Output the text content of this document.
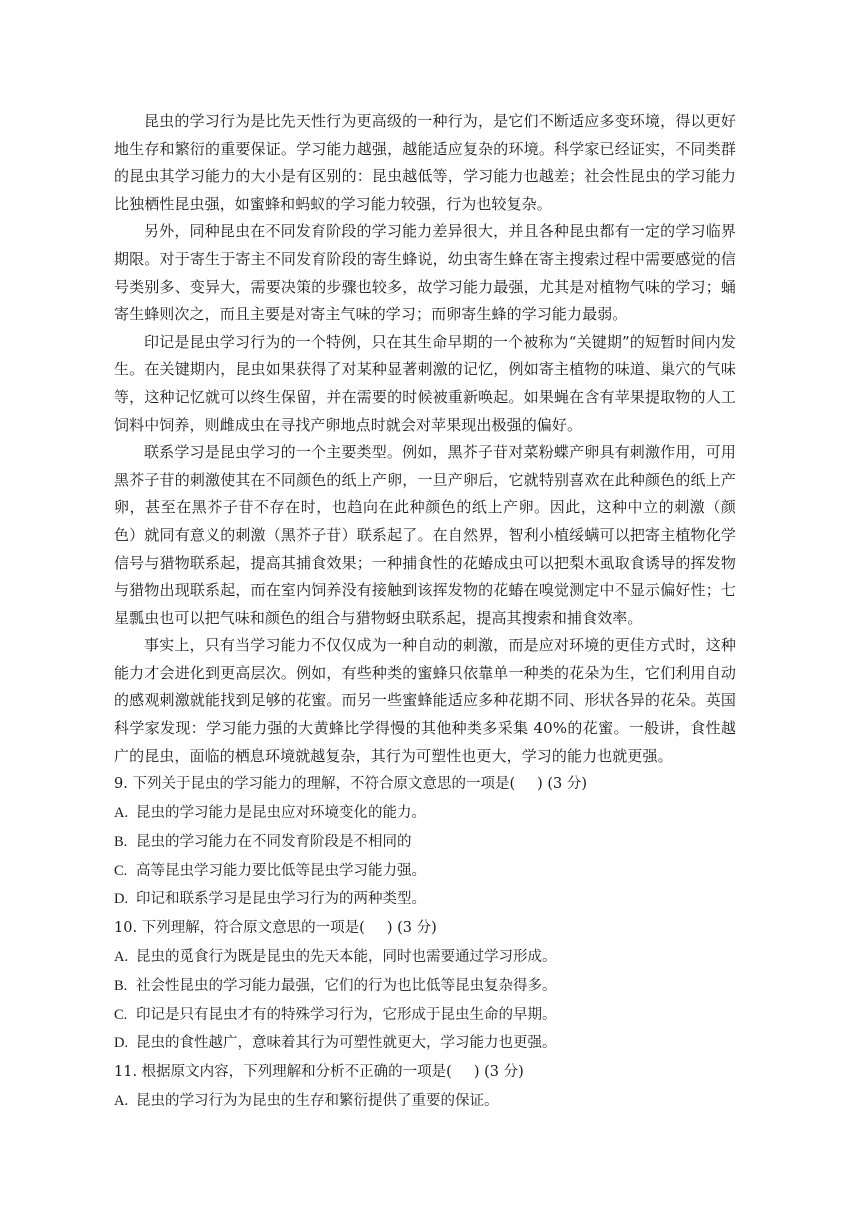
昆虫的学习行为是比先天性行为更高级的一种行为，是它们不断适应多变环境，得以更好地生存和繁衍的重要保证。学习能力越强，越能适应复杂的环境。科学家已经证实，不同类群的昆虫其学习能力的大小是有区别的：昆虫越低等，学习能力也越差；社会性昆虫的学习能力比独栖性昆虫强，如蜜蜂和蚂蚁的学习能力较强，行为也较复杂。

另外，同种昆虫在不同发育阶段的学习能力差异很大，并且各种昆虫都有一定的学习临界期限。对于寄生于寄主不同发育阶段的寄生蜂说，幼虫寄生蜂在寄主搜索过程中需要感觉的信号类别多、变异大，需要决策的步骤也较多，故学习能力最强，尤其是对植物气味的学习；蛹寄生蜂则次之，而且主要是对寄主气味的学习；而卵寄生蜂的学习能力最弱。

印记是昆虫学习行为的一个特例，只在其生命早期的一个被称为“关键期”的短暂时间内发生。在关键期内，昆虫如果获得了对某种显著刺激的记忆，例如寄主植物的味道、巢穴的气味等，这种记忆就可以终生保留，并在需要的时候被重新唤起。如果蝇在含有苹果提取物的人工饲料中饲养，则雌成虫在寻找产卵地点时就会对苹果现出极强的偏好。

联系学习是昆虫学习的一个主要类型。例如，黑芥子苷对菜粉蝶产卵具有刺激作用，可用黑芥子苷的刺激使其在不同颜色的纸上产卵，一旦产卵后，它就特别喜欢在此种颜色的纸上产卵，甚至在黑芥子苷不存在时，也趋向在此种颜色的纸上产卵。因此，这种中立的刺激（颜色）就同有意义的刺激（黑芥子苷）联系起了。在自然界，智利小植绥螨可以把寄主植物化学信号与猎物联系起，提高其捕食效果；一种捕食性的花蝽成虫可以把梨木虱取食诱导的挥发物与猎物出现联系起，而在室内饲养没有接触到该挥发物的花蝽在嗅觉测定中不显示偏好性；七星瓢虫也可以把气味和颜色的组合与猎物蚜虫联系起，提高其搜索和捕食效率。

事实上，只有当学习能力不仅仅成为一种自动的刺激，而是应对环境的更佳方式时，这种能力才会进化到更高层次。例如，有些种类的蜜蜂只依靠单一种类的花朵为生，它们利用自动的感观刺激就能找到足够的花蜜。而另一些蜜蜂能适应多种花期不同、形状各异的花朵。英国科学家发现：学习能力强的大黄蜂比学得慢的其他种类多采集 40%的花蜜。一般讲，食性越广的昆虫，面临的栖息环境就越复杂，其行为可塑性也更大，学习的能力也就更强。

9. 下列关于昆虫的学习能力的理解，不符合原文意思的一项是( ) (3 分)

A. 昆虫的学习能力是昆虫应对环境变化的能力。

B. 昆虫的学习能力在不同发育阶段是不相同的

C. 高等昆虫学习能力要比低等昆虫学习能力强。

D. 印记和联系学习是昆虫学习行为的两种类型。

10. 下列理解，符合原文意思的一项是( ) (3 分)

A. 昆虫的觅食行为既是昆虫的先天本能，同时也需要通过学习形成。

B. 社会性昆虫的学习能力最强，它们的行为也比低等昆虫复杂得多。

C. 印记是只有昆虫才有的特殊学习行为，它形成于昆虫生命的早期。

D. 昆虫的食性越广，意味着其行为可塑性就更大，学习能力也更强。

11. 根据原文内容，下列理解和分析不正确的一项是( ) (3 分)

A. 昆虫的学习行为为昆虫的生存和繁衍提供了重要的保证。
